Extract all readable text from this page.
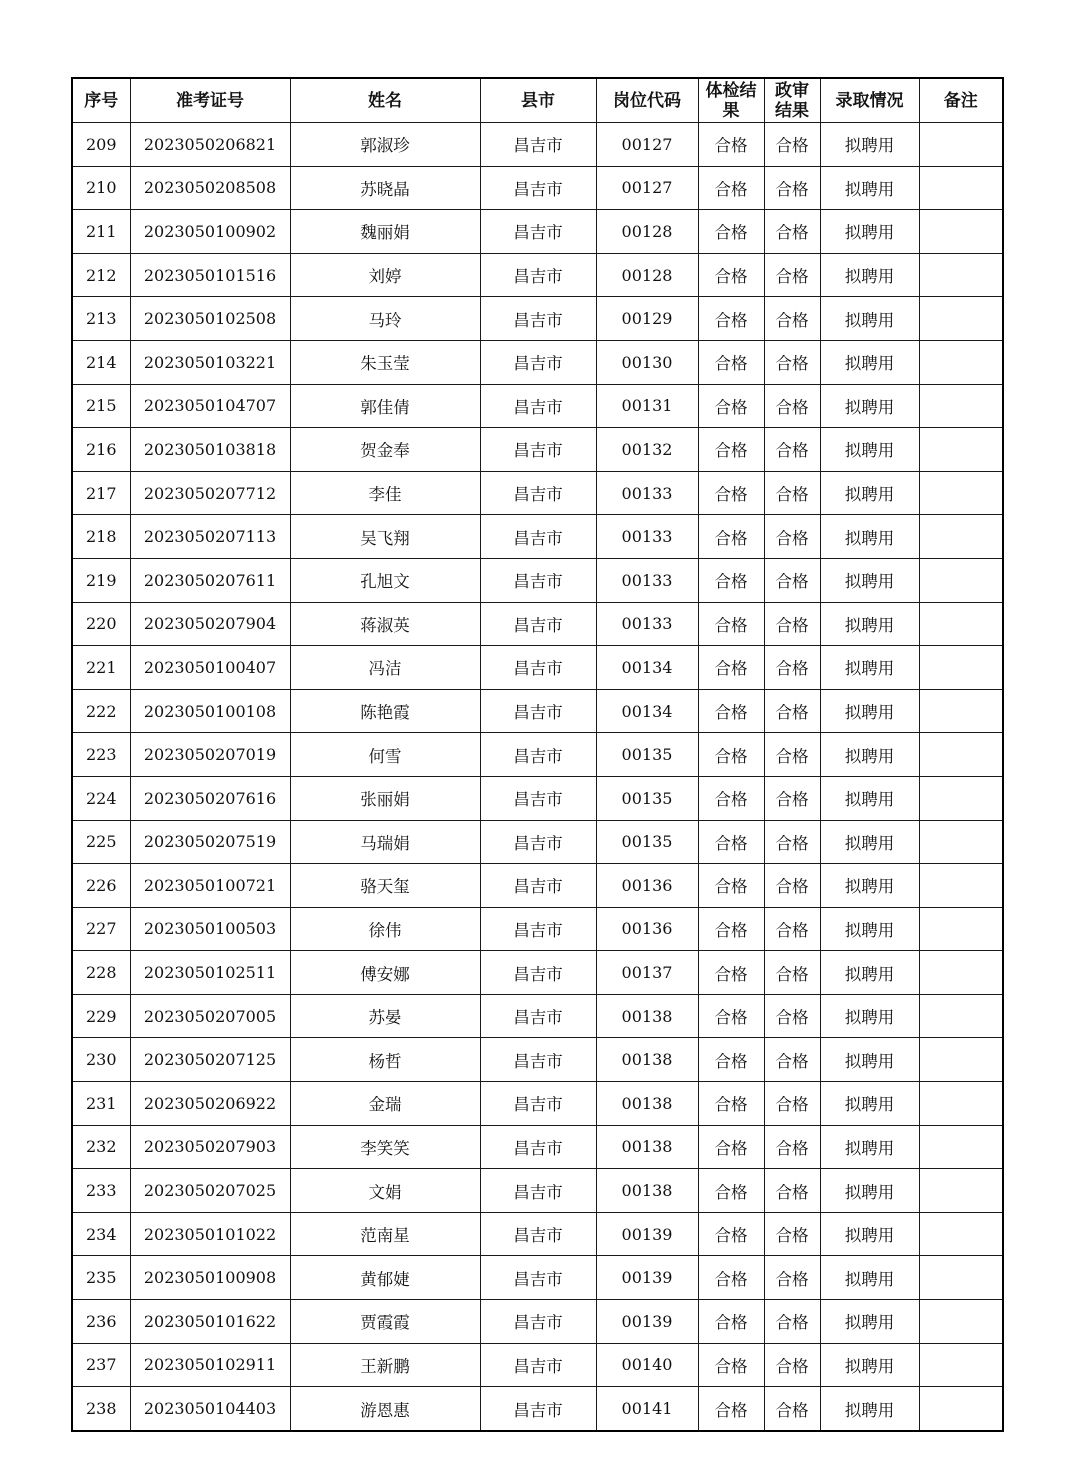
序号	准考证号	姓名	县市	岗位代码	体检结果	政审结果	录取情况	备注
209	2023050206821	郭淑珍	昌吉市	00127	合格	合格	拟聘用	
210	2023050208508	苏晓晶	昌吉市	00127	合格	合格	拟聘用	
211	2023050100902	魏丽娟	昌吉市	00128	合格	合格	拟聘用	
212	2023050101516	刘婷	昌吉市	00128	合格	合格	拟聘用	
213	2023050102508	马玲	昌吉市	00129	合格	合格	拟聘用	
214	2023050103221	朱玉莹	昌吉市	00130	合格	合格	拟聘用	
215	2023050104707	郭佳倩	昌吉市	00131	合格	合格	拟聘用	
216	2023050103818	贺金奉	昌吉市	00132	合格	合格	拟聘用	
217	2023050207712	李佳	昌吉市	00133	合格	合格	拟聘用	
218	2023050207113	吴飞翔	昌吉市	00133	合格	合格	拟聘用	
219	2023050207611	孔旭文	昌吉市	00133	合格	合格	拟聘用	
220	2023050207904	蒋淑英	昌吉市	00133	合格	合格	拟聘用	
221	2023050100407	冯洁	昌吉市	00134	合格	合格	拟聘用	
222	2023050100108	陈艳霞	昌吉市	00134	合格	合格	拟聘用	
223	2023050207019	何雪	昌吉市	00135	合格	合格	拟聘用	
224	2023050207616	张丽娟	昌吉市	00135	合格	合格	拟聘用	
225	2023050207519	马瑞娟	昌吉市	00135	合格	合格	拟聘用	
226	2023050100721	骆天玺	昌吉市	00136	合格	合格	拟聘用	
227	2023050100503	徐伟	昌吉市	00136	合格	合格	拟聘用	
228	2023050102511	傅安娜	昌吉市	00137	合格	合格	拟聘用	
229	2023050207005	苏晏	昌吉市	00138	合格	合格	拟聘用	
230	2023050207125	杨哲	昌吉市	00138	合格	合格	拟聘用	
231	2023050206922	金瑞	昌吉市	00138	合格	合格	拟聘用	
232	2023050207903	李笑笑	昌吉市	00138	合格	合格	拟聘用	
233	2023050207025	文娟	昌吉市	00138	合格	合格	拟聘用	
234	2023050101022	范南星	昌吉市	00139	合格	合格	拟聘用	
235	2023050100908	黄郁婕	昌吉市	00139	合格	合格	拟聘用	
236	2023050101622	贾霞霞	昌吉市	00139	合格	合格	拟聘用	
237	2023050102911	王新鹏	昌吉市	00140	合格	合格	拟聘用	
238	2023050104403	游恩惠	昌吉市	00141	合格	合格	拟聘用	
